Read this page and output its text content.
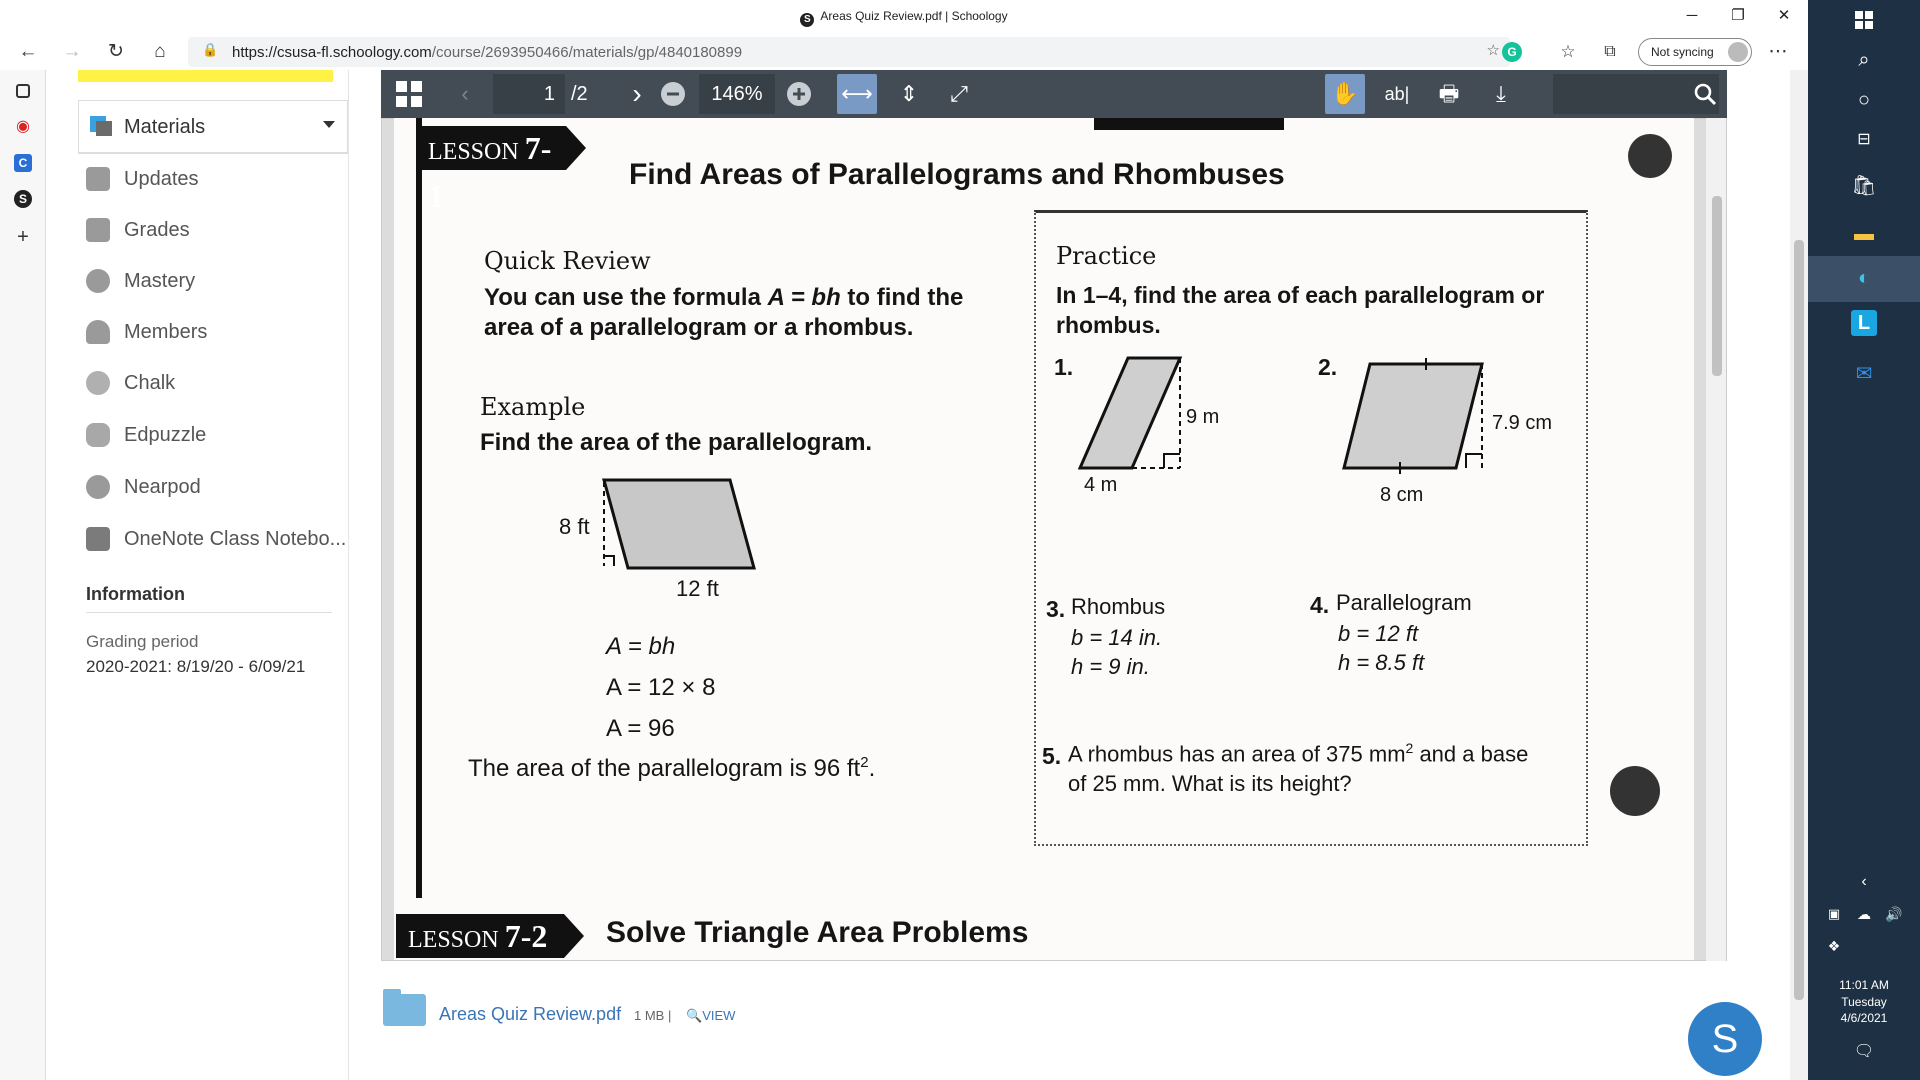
S Areas Quiz Review.pdf | Schoology	─	❐	✕
← →	↻	⌂	🔒 https://csusa-fl.schoology.com/course/2693950466/materials/gp/4840180899	☆ G	☆	⧉	Not syncing	⋯
◉
C
S
+
Materials
Updates
Grades
Mastery
Members
Chalk
Edpuzzle
Nearpod
OneNote Class Notebo...
Information
Grading period
2020-2021: 8/19/20 - 6/09/21
‹	1 /2	›	146%	⟷	⇕	⤢	✋	ab|	🖶	⤓
LESSON 7-1
Find Areas of Parallelograms and Rhombuses
Quick Review
You can use the formula A = bh to find the
area of a parallelogram or a rhombus.
Example
Find the area of the parallelogram.
8 ft
12 ft
A = bh
A = 12 × 8
A = 96
The area of the parallelogram is 96 $ft^2$.
Practice
In 1–4, find the area of each parallelogram or
rhombus.
1.
9 m
4 m
2.
7.9 cm
8 cm
3. Rhombus
b = 14 in.
h = 9 in.
4. Parallelogram
b = 12 ft
h = 8.5 ft
5. A rhombus has an area of 375 $mm^2$ and a base
of 25 mm. What is its height?
LESSON 7-2	Solve Triangle Area Problems
Areas Quiz Review.pdf 1 MB | 🔍VIEW
S
⌕
○
⊟
🛍
▬
◐
L
✉
‹
▣	☁	🔊
❖
11:01 AM
Tuesday
4/6/2021
🗨
